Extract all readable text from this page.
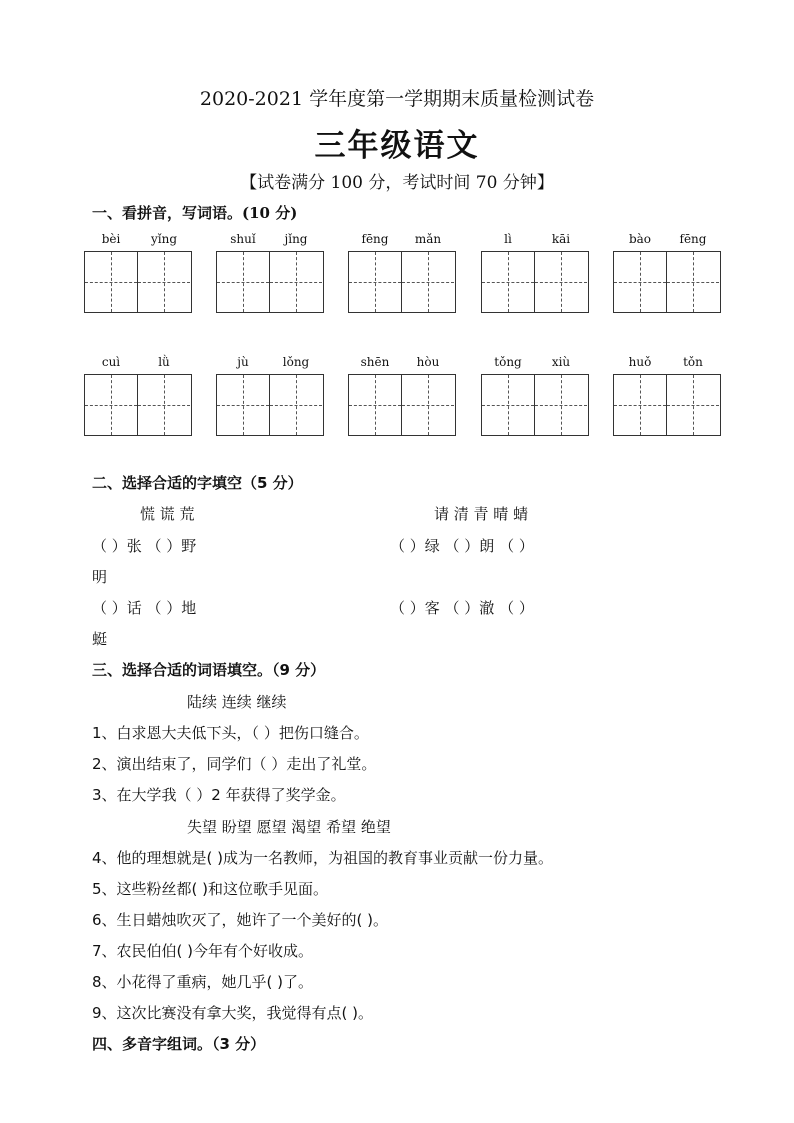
2020-2021 学年度第一学期期末质量检测试卷
三年级语文
【试卷满分 100 分，考试时间 70 分钟】
一、看拼音，写词语。(10 分)
bèi	yǐng	shuǐ	jǐng	fēng	mǎn	lì	kāi	bào	fēng
cuì	lǜ	jù	lǒng	shēn	hòu	tǒng	xiù	huǒ	tǒn
二、选择合适的字填空（5 分）
慌 谎 荒	请 清 青 晴 蜻
（ ）张 （ ）野	（ ）绿 （ ）朗 （ ）
明
（ ）话 （ ）地	（ ）客 （ ）澈 （ ）
蜓
三、选择合适的词语填空。（9 分）
陆续 连续 继续
1、白求恩大夫低下头，（ ）把伤口缝合。
2、演出结束了，同学们（ ）走出了礼堂。
3、在大学我（ ）2 年获得了奖学金。
失望 盼望 愿望 渴望 希望 绝望
4、他的理想就是( )成为一名教师，为祖国的教育事业贡献一份力量。
5、这些粉丝都( )和这位歌手见面。
6、生日蜡烛吹灭了，她许了一个美好的( )。
7、农民伯伯( )今年有个好收成。
8、小花得了重病，她几乎( )了。
9、这次比赛没有拿大奖，我觉得有点( )。
四、多音字组词。（3 分）
